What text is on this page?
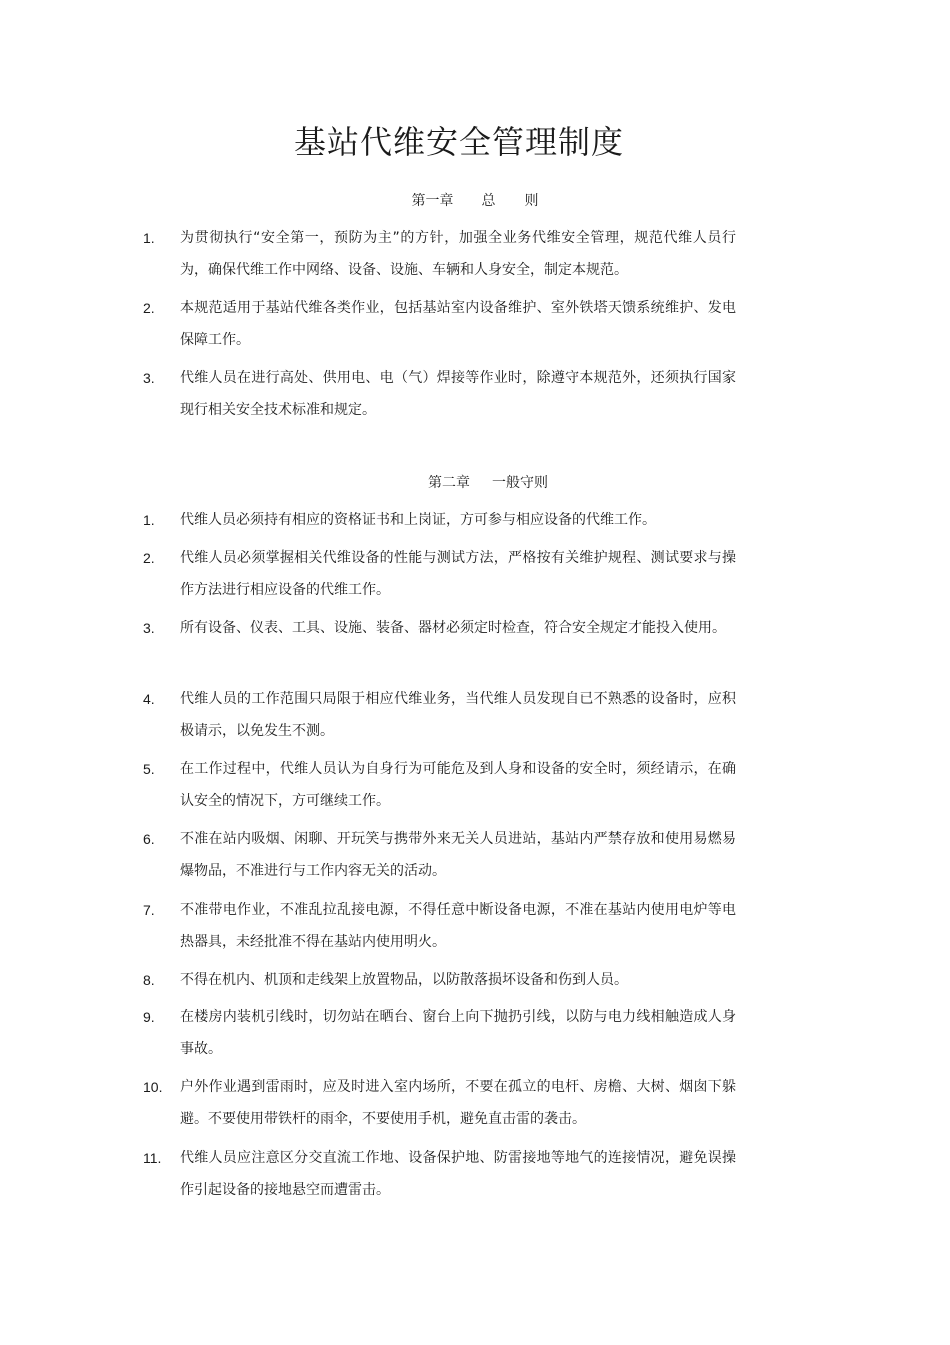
基站代维安全管理制度
第一章 总则
1. 为贯彻执行“安全第一，预防为主”的方针，加强全业务代维安全管理，规范代维人员行为，确保代维工作中网络、设备、设施、车辆和人身安全，制定本规范。
2. 本规范适用于基站代维各类作业，包括基站室内设备维护、室外铁塔天馈系统维护、发电保障工作。
3. 代维人员在进行高处、供用电、电（气）焊接等作业时，除遵守本规范外，还须执行国家现行相关安全技术标准和规定。
第二章 一般守则
1. 代维人员必须持有相应的资格证书和上岗证，方可参与相应设备的代维工作。
2. 代维人员必须掌握相关代维设备的性能与测试方法，严格按有关维护规程、测试要求与操作方法进行相应设备的代维工作。
3. 所有设备、仪表、工具、设施、装备、器材必须定时检查，符合安全规定才能投入使用。
4. 代维人员的工作范围只局限于相应代维业务，当代维人员发现自已不熟悉的设备时，应积极请示，以免发生不测。
5. 在工作过程中，代维人员认为自身行为可能危及到人身和设备的安全时，须经请示，在确认安全的情况下，方可继续工作。
6. 不准在站内吸烟、闲聊、开玩笑与携带外来无关人员进站，基站内严禁存放和使用易燃易爆物品，不准进行与工作内容无关的活动。
7. 不准带电作业，不准乱拉乱接电源，不得任意中断设备电源，不准在基站内使用电炉等电热器具，未经批准不得在基站内使用明火。
8. 不得在机内、机顶和走线架上放置物品，以防散落损坏设备和伤到人员。
9. 在楼房内装机引线时，切勿站在晒台、窗台上向下抛扔引线，以防与电力线相触造成人身事故。
10. 户外作业遇到雷雨时，应及时进入室内场所，不要在孤立的电杆、房檐、大树、烟囱下躲避。不要使用带铁杆的雨伞，不要使用手机，避免直击雷的袭击。
11. 代维人员应注意区分交直流工作地、设备保护地、防雷接地等地气的连接情况，避免误操作引起设备的接地悬空而遭雷击。
